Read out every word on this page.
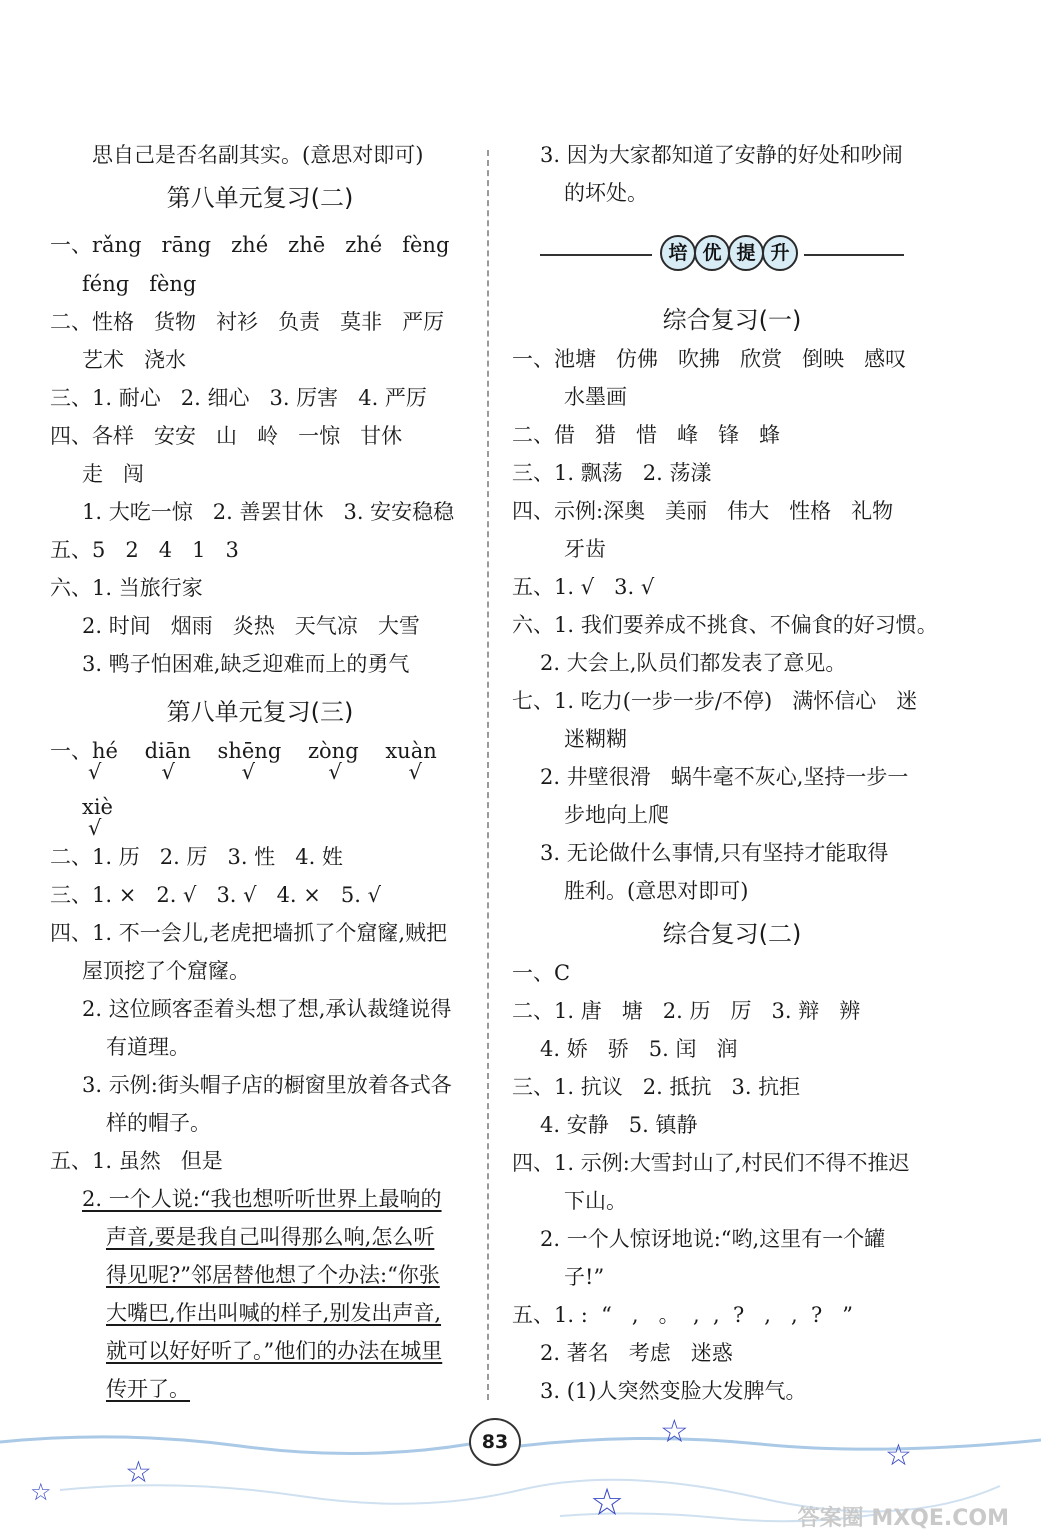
思自己是否名副其实。(意思对即可)
第八单元复习(二)
一、rǎng   rāng   zhé   zhē   zhé   fèng
fénɡ   fèng
二、性格   货物   衬衫   负责   莫非   严厉
艺术   浇水
三、1. 耐心   2. 细心   3. 厉害   4. 严厉
四、各样   安安   山   岭   一惊   甘休
走   闯
1. 大吃一惊   2. 善罢甘休   3. 安安稳稳
五、5   2   4   1   3
六、1. 当旅行家
2. 时间   烟雨   炎热   天气凉   大雪
3. 鸭子怕困难,缺乏迎难而上的勇气
第八单元复习(三)
一、hé    diān    shēng    zòng    xuàn
√         √          √           √          √
xiè
√
二、1. 历   2. 厉   3. 性   4. 姓
三、1. ×   2. √   3. √   4. ×   5. √
四、1. 不一会儿,老虎把墙抓了个窟窿,贼把
屋顶挖了个窟窿。
2. 这位顾客歪着头想了想,承认裁缝说得
有道理。
3. 示例:街头帽子店的橱窗里放着各式各
样的帽子。
五、1. 虽然   但是
2. 一个人说:“我也想听听世界上最响的
声音,要是我自己叫得那么响,怎么听
得见呢?”邻居替他想了个办法:“你张
大嘴巴,作出叫喊的样子,别发出声音,
就可以好好听了。”他们的办法在城里
传开了。
3. 因为大家都知道了安静的好处和吵闹
的坏处。
培 优 提 升
综合复习(一)
一、池塘   仿佛   吹拂   欣赏   倒映   感叹
水墨画
二、借   猎   惜   峰   锋   蜂
三、1. 飘荡   2. 荡漾
四、示例:深奥   美丽   伟大   性格   礼物
牙齿
五、1. √   3. √
六、1. 我们要养成不挑食、不偏食的好习惯。
2. 大会上,队员们都发表了意见。
七、1. 吃力(一步一步/不停)   满怀信心   迷
迷糊糊
2. 井壁很滑   蜗牛毫不灰心,坚持一步一
步地向上爬
3. 无论做什么事情,只有坚持才能取得
胜利。(意思对即可)
综合复习(二)
一、C
二、1. 唐   塘   2. 历   厉   3. 辩   辨
4. 娇   骄   5. 闰   润
三、1. 抗议   2. 抵抗   3. 抗拒
4. 安静   5. 镇静
四、1. 示例:大雪封山了,村民们不得不推迟
下山。
2. 一个人惊讶地说:“哟,这里有一个罐
子!”
五、1. :  “   ,   。  ,  ,  ?   ,   ,  ?   ”
2. 著名   考虑   迷惑
3. (1)人突然变脸大发脾气。
83
☆
☆
☆
☆
☆
答案圈 MXQE.COM
